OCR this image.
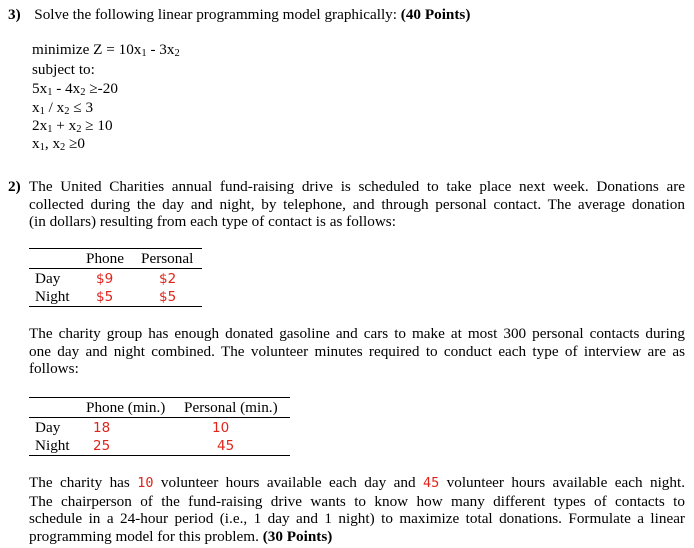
3) Solve the following linear programming model graphically: (40 Points)
minimize Z = 10x1 - 3x2
subject to:
5x1 - 4x2 ≥-20
x1 / x2 ≤ 3
2x1 + x2 ≥ 10
x1, x2 ≥0
2) The United Charities annual fund-raising drive is scheduled to take place next week. Donations are
collected during the day and night, by telephone, and through personal contact. The average donation
(in dollars) resulting from each type of contact is as follows:
Phone Personal
Day	$9	$2
Night $5	$5
The charity group has enough donated gasoline and cars to make at most 300 personal contacts during
one day and night combined. The volunteer minutes required to conduct each type of interview are as
follows:
Phone (min.) Personal (min.)
Day 18	10
Night 25	45
The charity has 10 volunteer hours available each day and 45 volunteer hours available each night.
The chairperson of the fund-raising drive wants to know how many different types of contacts to
schedule in a 24-hour period (i.e., 1 day and 1 night) to maximize total donations. Formulate a linear
programming model for this problem. (30 Points)
